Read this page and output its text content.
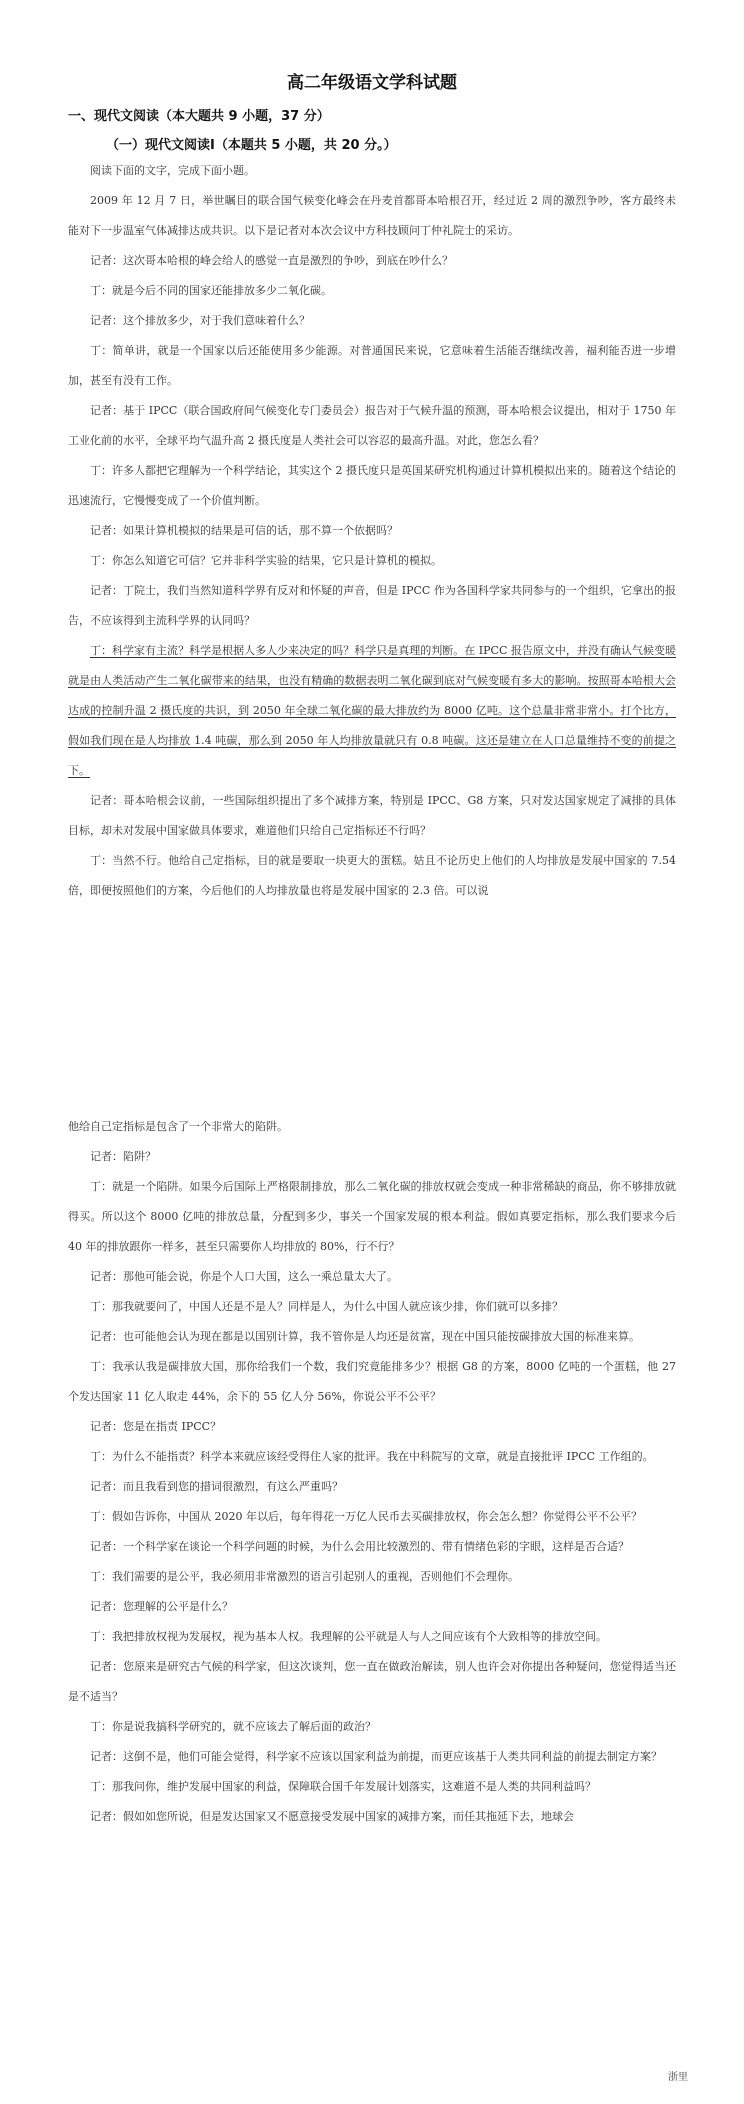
高二年级语文学科试题
一、现代文阅读（本大题共 9 小题，37 分）
（一）现代文阅读Ⅰ（本题共 5 小题，共 20 分。）

阅读下面的文字，完成下面小题。

2009 年 12 月 7 日，举世瞩目的联合国气候变化峰会在丹麦首都哥本哈根召开，经过近 2 周的激烈争吵，客方最终未能对下一步温室气体减排达成共识。以下是记者对本次会议中方科技顾问丁仲礼院士的采访。

记者：这次哥本哈根的峰会给人的感觉一直是激烈的争吵，到底在吵什么？

丁：就是今后不同的国家还能排放多少二氧化碳。

记者：这个排放多少，对于我们意味着什么？

丁：简单讲，就是一个国家以后还能使用多少能源。对普通国民来说，它意味着生活能否继续改善，福利能否进一步增加，甚至有没有工作。

记者：基于 IPCC（联合国政府间气候变化专门委员会）报告对于气候升温的预测，哥本哈根会议提出，相对于 1750 年工业化前的水平，全球平均气温升高 2 摄氏度是人类社会可以容忍的最高升温。对此，您怎么看？

丁：许多人都把它理解为一个科学结论，其实这个 2 摄氏度只是英国某研究机构通过计算机模拟出来的。随着这个结论的迅速流行，它慢慢变成了一个价值判断。

记者：如果计算机模拟的结果是可信的话，那不算一个依据吗？

丁：你怎么知道它可信？它并非科学实验的结果，它只是计算机的模拟。

记者：丁院士，我们当然知道科学界有反对和怀疑的声音，但是 IPCC 作为各国科学家共同参与的一个组织，它拿出的报告，不应该得到主流科学界的认同吗？

丁：科学家有主流？科学是根据人多人少来决定的吗？科学只是真理的判断。在 IPCC 报告原文中，并没有确认气候变暖就是由人类活动产生二氧化碳带来的结果，也没有精确的数据表明二氧化碳到底对气候变暖有多大的影响。按照哥本哈根大会达成的控制升温 2 摄氏度的共识，到 2050 年全球二氧化碳的最大排放约为 8000 亿吨。这个总量非常非常小。打个比方，假如我们现在是人均排放 1.4 吨碳，那么到 2050 年人均排放量就只有 0.8 吨碳。这还是建立在人口总量维持不变的前提之下。

记者：哥本哈根会议前，一些国际组织提出了多个减排方案，特别是 IPCC、G8 方案，只对发达国家规定了减排的具体目标，却未对发展中国家做具体要求，难道他们只给自己定指标还不行吗？

丁：当然不行。他给自己定指标，目的就是要取一块更大的蛋糕。姑且不论历史上他们的人均排放是发展中国家的 7.54 倍，即便按照他们的方案，今后他们的人均排放量也将是发展中国家的 2.3 倍。可以说

他给自己定指标是包含了一个非常大的陷阱。

记者：陷阱？

丁：就是一个陷阱。如果今后国际上严格限制排放，那么二氧化碳的排放权就会变成一种非常稀缺的商品，你不够排放就得买。所以这个 8000 亿吨的排放总量，分配到多少，事关一个国家发展的根本利益。假如真要定指标，那么我们要求今后 40 年的排放跟你一样多，甚至只需要你人均排放的 80%，行不行？

记者：那他可能会说，你是个人口大国，这么一乘总量太大了。

丁：那我就要问了，中国人还是不是人？同样是人，为什么中国人就应该少排，你们就可以多排？

记者：也可能他会认为现在都是以国别计算，我不管你是人均还是贫富，现在中国只能按碳排放大国的标准来算。

丁：我承认我是碳排放大国，那你给我们一个数，我们究竟能排多少？根据 G8 的方案，8000 亿吨的一个蛋糕，他 27 个发达国家 11 亿人取走 44%，余下的 55 亿人分 56%，你说公平不公平？

记者：您是在指责 IPCC？

丁：为什么不能指责？科学本来就应该经受得住人家的批评。我在中科院写的文章，就是直接批评 IPCC 工作组的。

记者：而且我看到您的措词很激烈，有这么严重吗？

丁：假如告诉你，中国从 2020 年以后，每年得花一万亿人民币去买碳排放权，你会怎么想？你觉得公平不公平？

记者：一个科学家在谈论一个科学问题的时候，为什么会用比较激烈的、带有情绪色彩的字眼，这样是否合适？

丁：我们需要的是公平，我必须用非常激烈的语言引起别人的重视，否则他们不会理你。

记者：您理解的公平是什么？

丁：我把排放权视为发展权，视为基本人权。我理解的公平就是人与人之间应该有个大致相等的排放空间。

记者：您原来是研究古气候的科学家，但这次谈判，您一直在做政治解读，别人也许会对你提出各种疑问，您觉得适当还是不适当？

丁：你是说我搞科学研究的，就不应该去了解后面的政治？

记者：这倒不是，他们可能会觉得，科学家不应该以国家利益为前提，而更应该基于人类共同利益的前提去制定方案？

丁：那我问你，维护发展中国家的利益，保障联合国千年发展计划落实，这难道不是人类的共同利益吗？

记者：假如如您所说，但是发达国家又不愿意接受发展中国家的减排方案，而任其拖延下去，地球会

浙里
